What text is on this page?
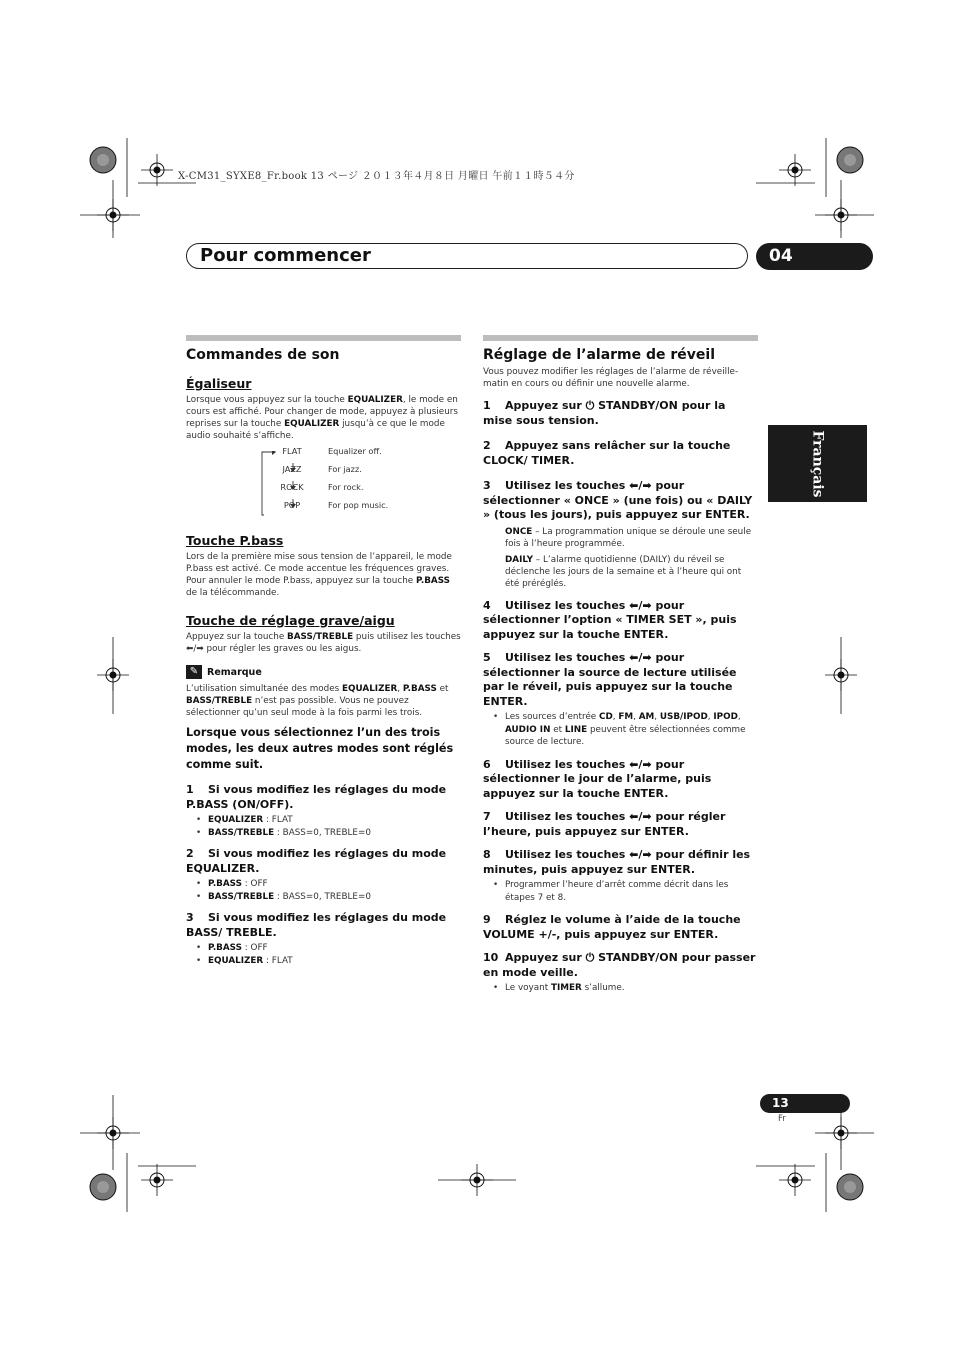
X-CM31_SYXE8_Fr.book 13 ページ ２０１３年４月８日 月曜日 午前１１時５４分
Pour commencer	04
Français
Commandes de son
Égaliseur

Lorsque vous appuyez sur la touche EQUALIZER, le mode en cours est affiché. Pour changer de mode, appuyez à plusieurs reprises sur la touche EQUALIZER jusqu’à ce que le mode audio souhaité s’affiche.

FLAT	Equalizer off.
JAZZ	For jazz.
ROCK	For rock.
POP	For pop music.
Touche P.bass

Lors de la première mise sous tension de l’appareil, le mode P.bass est activé. Ce mode accentue les fréquences graves. Pour annuler le mode P.bass, appuyez sur la touche P.BASS de la télécommande.

Touche de réglage grave/aigu

Appuyez sur la touche BASS/TREBLE puis utilisez les touches
⬅/➡ pour régler les graves ou les aigus.

✎ Remarque

L’utilisation simultanée des modes EQUALIZER, P.BASS et BASS/TREBLE n’est pas possible. Vous ne pouvez sélectionner qu’un seul mode à la fois parmi les trois.

Lorsque vous sélectionnez l’un des trois modes, les deux autres modes sont réglés comme suit.

1 Si vous modifiez les réglages du mode P.BASS (ON/OFF).

• EQUALIZER : FLAT
• BASS/TREBLE : BASS=0, TREBLE=0

2 Si vous modifiez les réglages du mode EQUALIZER.

• P.BASS : OFF
• BASS/TREBLE : BASS=0, TREBLE=0

3 Si vous modifiez les réglages du mode BASS/ TREBLE.

• P.BASS : OFF
• EQUALIZER : FLAT
Réglage de l’alarme de réveil

Vous pouvez modifier les réglages de l’alarme de réveille-matin en cours ou définir une nouvelle alarme.

1 Appuyez sur ⏻ STANDBY/ON pour la mise sous tension.

2 Appuyez sans relâcher sur la touche CLOCK/ TIMER.

3 Utilisez les touches ⬅/➡ pour sélectionner « ONCE » (une fois) ou « DAILY » (tous les jours), puis appuyez sur ENTER.

ONCE – La programmation unique se déroule une seule fois à l’heure programmée.

DAILY – L’alarme quotidienne (DAILY) du réveil se déclenche les jours de la semaine et à l’heure qui ont été préréglés.

4 Utilisez les touches ⬅/➡ pour sélectionner l’option « TIMER SET », puis appuyez sur la touche ENTER.

5 Utilisez les touches ⬅/➡ pour sélectionner la source de lecture utilisée par le réveil, puis appuyez sur la touche ENTER.

• Les sources d’entrée CD, FM, AM, USB/IPOD, IPOD, AUDIO IN et LINE peuvent être sélectionnées comme source de lecture.

6 Utilisez les touches ⬅/➡ pour sélectionner le jour de l’alarme, puis appuyez sur la touche ENTER.

7 Utilisez les touches ⬅/➡ pour régler l’heure, puis appuyez sur ENTER.

8 Utilisez les touches ⬅/➡ pour définir les minutes, puis appuyez sur ENTER.

• Programmer l’heure d’arrêt comme décrit dans les étapes 7 et 8.

9 Réglez le volume à l’aide de la touche VOLUME +/-, puis appuyez sur ENTER.

10 Appuyez sur ⏻ STANDBY/ON pour passer en mode veille.

• Le voyant TIMER s’allume.
13
Fr
